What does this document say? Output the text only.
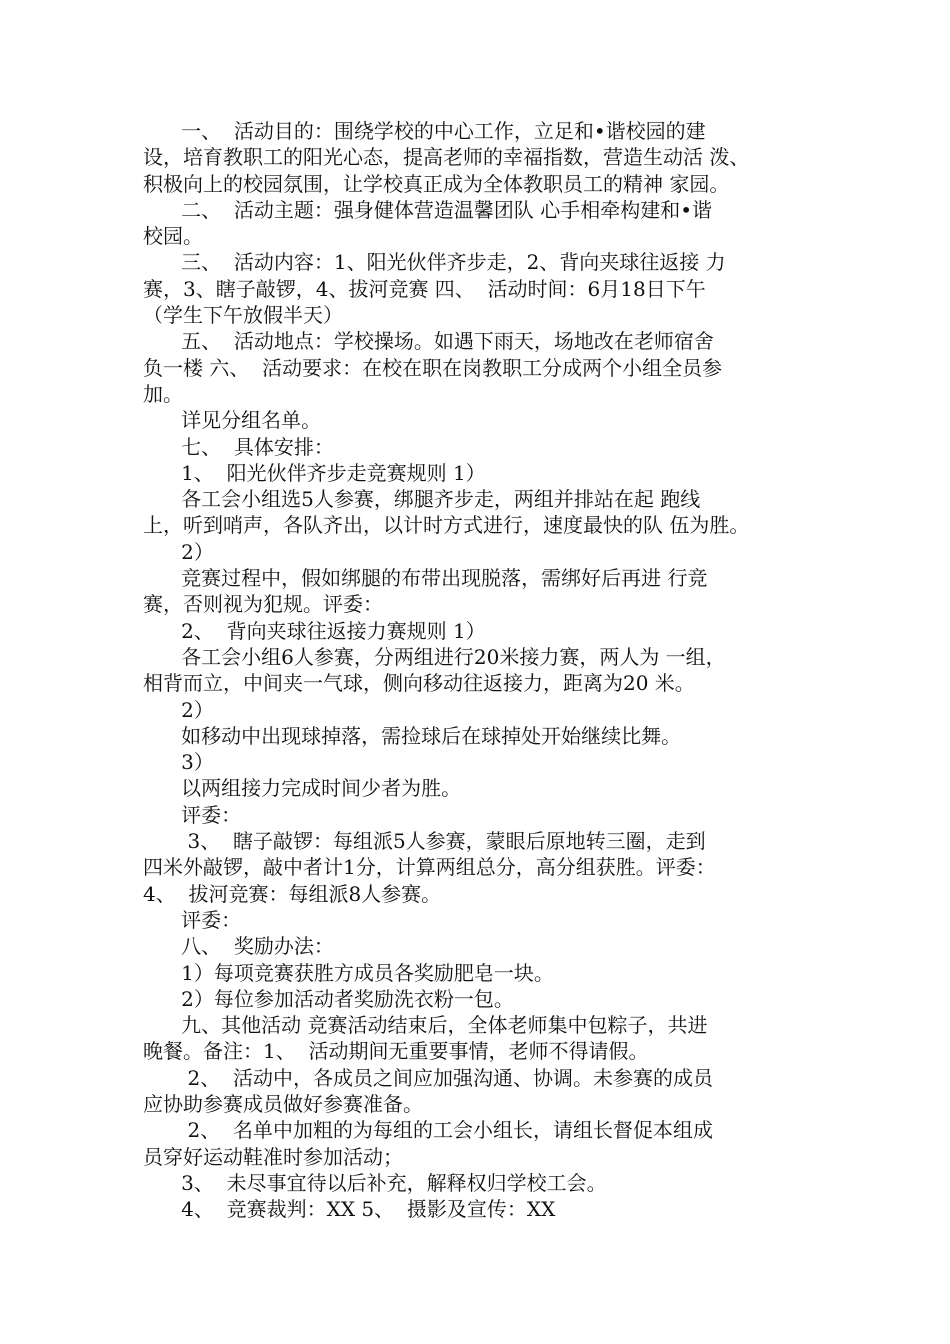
一、  活动目的：围绕学校的中心工作，立足和•谐校园的建
设，培育教职工的阳光心态，提高老师的幸福指数，营造生动活 泼、
积极向上的校园氛围，让学校真正成为全体教职员工的精神 家园。
二、  活动主题：强身健体营造温馨团队 心手相牵构建和•谐
校园。
三、  活动内容：1、阳光伙伴齐步走，2、背向夹球往返接 力
赛，3、瞎子敲锣，4、拔河竞赛 四、  活动时间：6月18日下午
（学生下午放假半天）
五、  活动地点：学校操场。如遇下雨天，场地改在老师宿舍
负一楼 六、  活动要求：在校在职在岗教职工分成两个小组全员参
加。
详见分组名单。
七、  具体安排：
1、  阳光伙伴齐步走竞赛规则 1）
各工会小组选5人参赛，绑腿齐步走，两组并排站在起 跑线
上，听到哨声，各队齐出，以计时方式进行，速度最快的队 伍为胜。
2）
竞赛过程中，假如绑腿的布带出现脱落，需绑好后再进 行竞
赛，否则视为犯规。评委：
2、  背向夹球往返接力赛规则 1）
各工会小组6人参赛，分两组进行20米接力赛，两人为 一组，
相背而立，中间夹一气球，侧向移动往返接力，距离为20 米。
2）
如移动中出现球掉落，需捡球后在球掉处开始继续比舞。
3）
以两组接力完成时间少者为胜。
评委：
3、  瞎子敲锣：每组派5人参赛，蒙眼后原地转三圈，走到
四米外敲锣，敲中者计1分，计算两组总分，高分组获胜。评委：
4、  拔河竞赛：每组派8人参赛。
评委：
八、  奖励办法：
1）每项竞赛获胜方成员各奖励肥皂一块。
2）每位参加活动者奖励洗衣粉一包。
九、其他活动 竞赛活动结束后，全体老师集中包粽子，共进
晚餐。备注：1、  活动期间无重要事情，老师不得请假。
2、  活动中，各成员之间应加强沟通、协调。未参赛的成员
应协助参赛成员做好参赛准备。
2、  名单中加粗的为每组的工会小组长，请组长督促本组成
员穿好运动鞋准时参加活动；
3、  未尽事宜待以后补充，解释权归学校工会。
4、  竞赛裁判：XX 5、  摄影及宣传：XX
